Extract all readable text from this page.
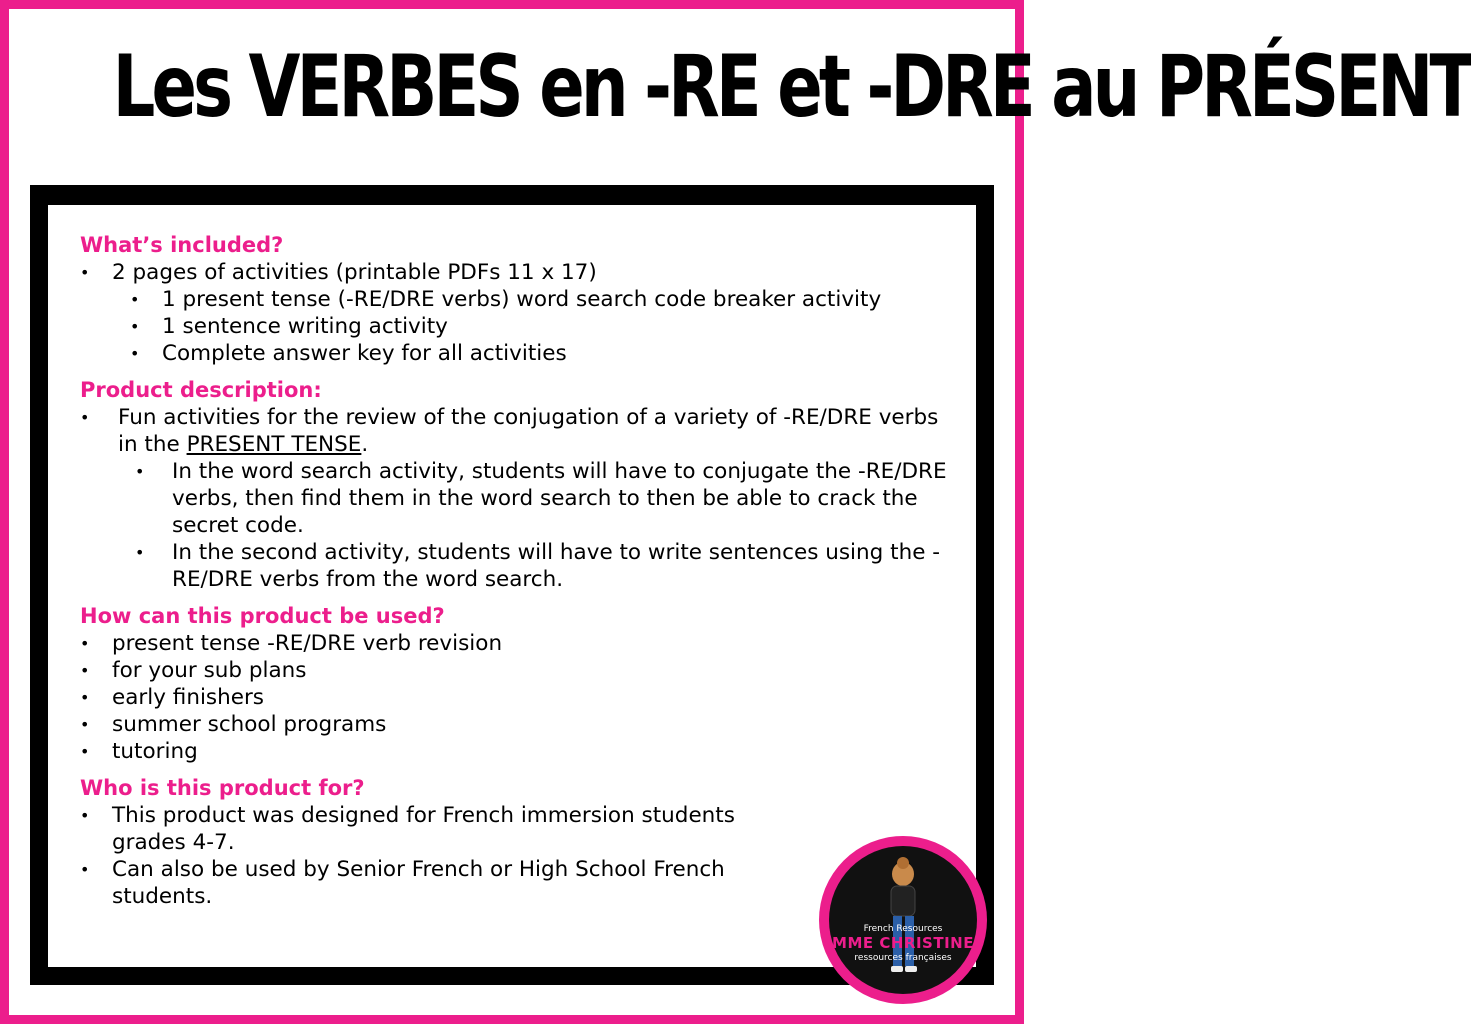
Les VERBES en -RE et -DRE au PRÉSENT

What’s included?

• 2 pages of activities (printable PDFs 11 x 17)
• 1 present tense (-RE/DRE verbs) word search code breaker activity
• 1 sentence writing activity
• Complete answer key for all activities

Product description:

• Fun activities for the review of the conjugation of a variety of -RE/DRE verbs in the PRESENT TENSE.
• In the word search activity, students will have to conjugate the -RE/DRE verbs, then find them in the word search to then be able to crack the secret code.
• In the second activity, students will have to write sentences using the -RE/DRE verbs from the word search.

How can this product be used?

• present tense -RE/DRE verb revision
• for your sub plans
• early finishers
• summer school programs
• tutoring

Who is this product for?

• This product was designed for French immersion students grades 4-7.
• Can also be used by Senior French or High School French students.
French Resources
MME CHRISTINE
ressources françaises
